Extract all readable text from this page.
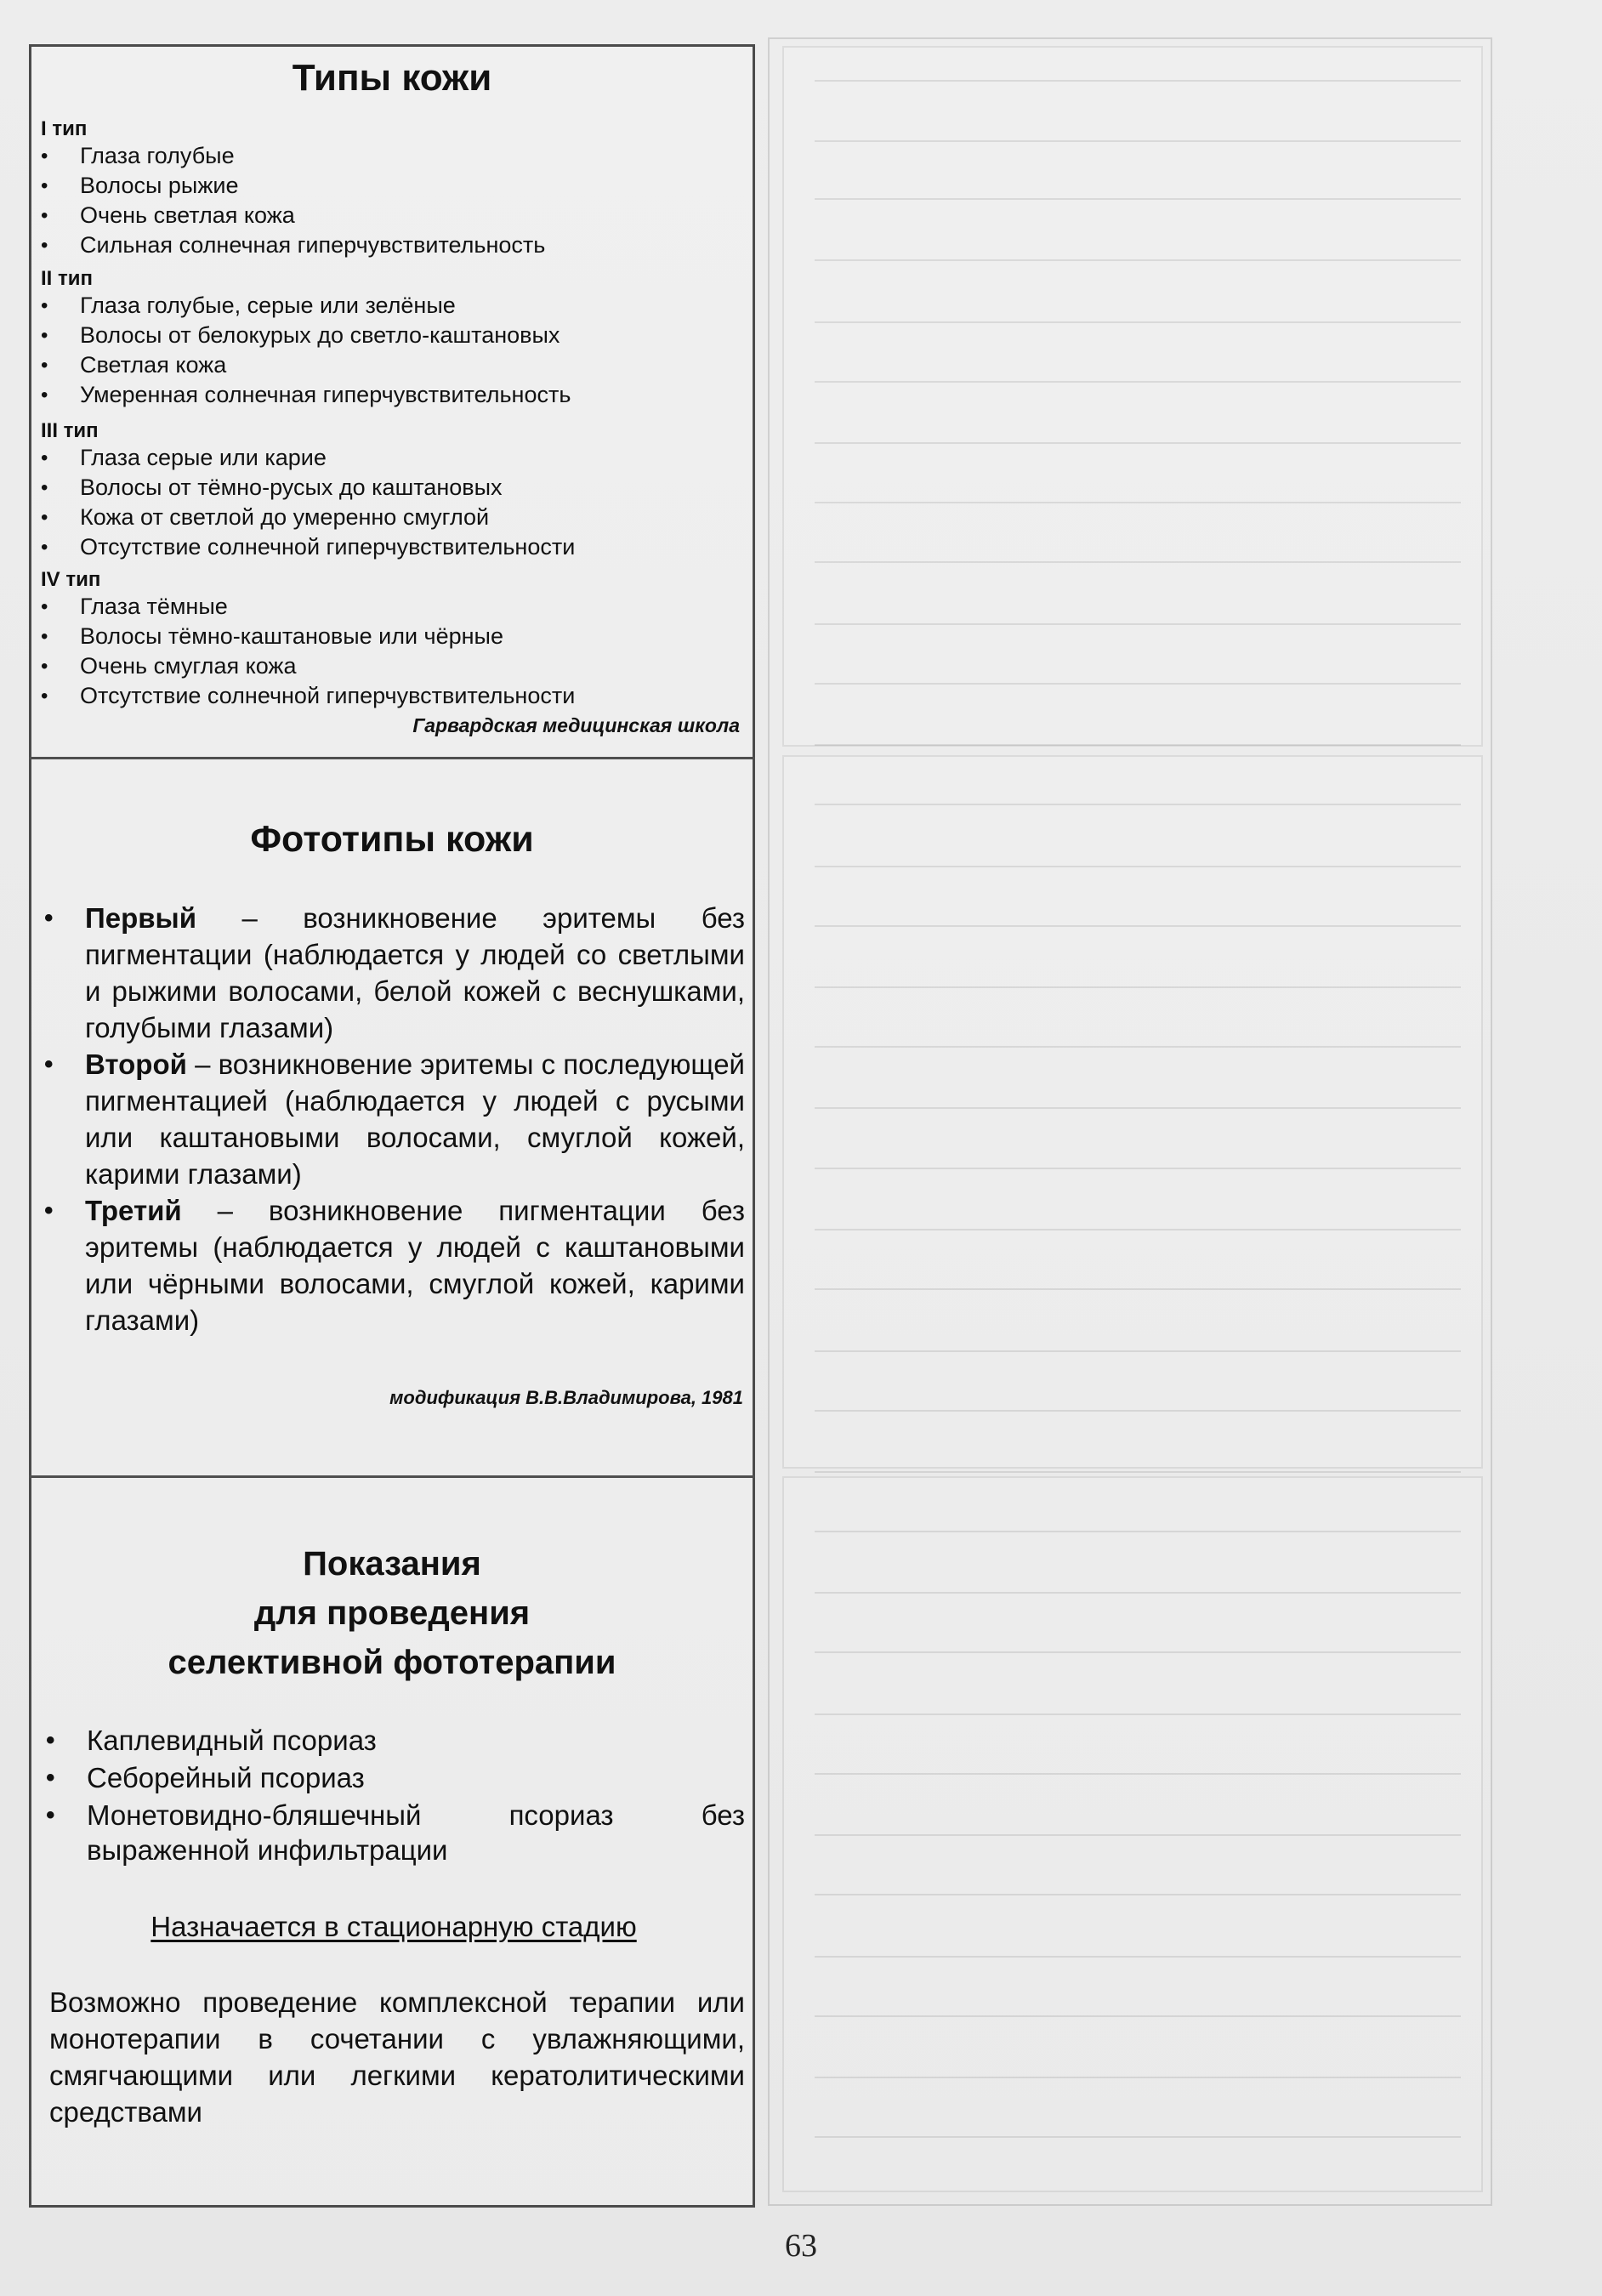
Типы кожи
I тип
• Глаза голубые
• Волосы рыжие
• Очень светлая кожа
• Сильная солнечная гиперчувствительность
II тип
• Глаза голубые, серые или зелёные
• Волосы от белокурых до светло-каштановых
• Светлая кожа
• Умеренная солнечная гиперчувствительность
III тип
• Глаза серые или карие
• Волосы от тёмно-русых до каштановых
• Кожа от светлой до умеренно смуглой
• Отсутствие солнечной гиперчувствительности
IV тип
• Глаза тёмные
• Волосы тёмно-каштановые или чёрные
• Очень смуглая кожа
• Отсутствие солнечной гиперчувствительности

Гарвардская медицинская школа

Фототипы кожи
• Первый – возникновение эритемы без пигментации (наблюдается у людей со светлыми и рыжими волосами, белой кожей с веснушками, голубыми глазами)
• Второй – возникновение эритемы с последующей пигментацией (наблюдается у людей с русыми или каштановыми волосами, смуглой кожей, карими глазами)
• Третий – возникновение пигментации без эритемы (наблюдается у людей с каштановыми или чёрными волосами, смуглой кожей, карими глазами)

модификация В.В.Владимирова, 1981

Показания
для проведения
селективной фототерапии
• Каплевидный псориаз
• Себорейный псориаз
• Монетовидно-бляшечный псориаз без выраженной инфильтрации

Назначается в стационарную стадию

Возможно проведение комплексной терапии или монотерапии в сочетании с увлажняющими, смягчающими или легкими кератолитическими средствами

63
